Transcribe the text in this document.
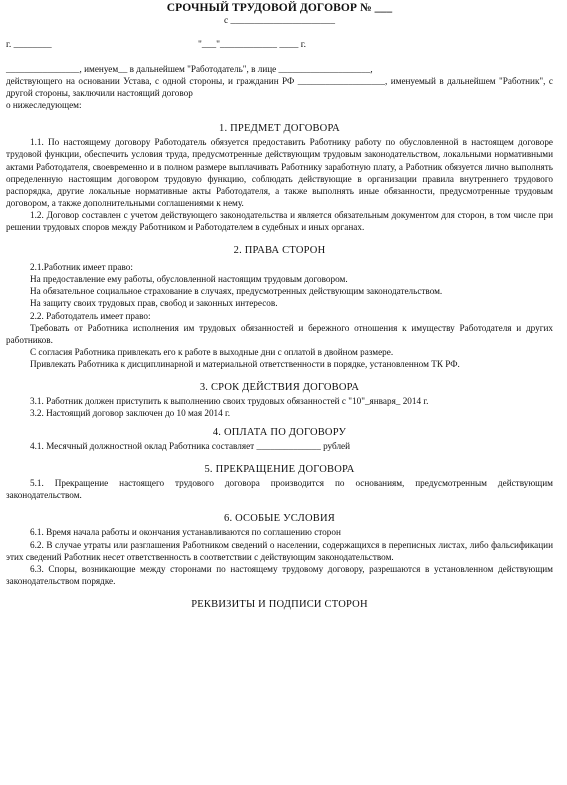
СРОЧНЫЙ ТРУДОВОЙ ДОГОВОР № ___
с ______________________
г. ________	"___"____________ ____ г.

________________, именуем__ в дальнейшем "Работодатель", в лице ____________________,

действующего на основании Устава, с одной стороны, и гражданин РФ ___________________, именуемый в дальнейшем "Работник", с другой стороны, заключили настоящий договор

о нижеследующем:

1. ПРЕДМЕТ ДОГОВОРА

1.1. По настоящему договору Работодатель обязуется предоставить Работнику работу по обусловленной в настоящем договоре трудовой функции, обеспечить условия труда, предусмотренные действующим трудовым законодательством, локальными нормативными актами Работодателя, своевременно и в полном размере выплачивать Работнику заработную плату, а Работник обязуется лично выполнять определенную настоящим договором трудовую функцию, соблюдать действующие в организации правила внутреннего трудового распорядка, другие локальные нормативные акты Работодателя, а также выполнять иные обязанности, предусмотренные трудовым договором, а также дополнительными соглашениями к нему.

1.2. Договор составлен с учетом действующего законодательства и является обязательным документом для сторон, в том числе при решении трудовых споров между Работником и Работодателем в судебных и иных органах.

2. ПРАВА СТОРОН

2.1.Работник имеет право:

На предоставление ему работы, обусловленной настоящим трудовым договором.

На обязательное социальное страхование в случаях, предусмотренных действующим законодательством.

На защиту своих трудовых прав, свобод и законных интересов.

2.2. Работодатель имеет право:

Требовать от Работника исполнения им трудовых обязанностей и бережного отношения к имуществу Работодателя и других работников.

С согласия Работника привлекать его к работе в выходные дни с оплатой в двойном размере.

Привлекать Работника к дисциплинарной и материальной ответственности в порядке, установленном ТК РФ.

3. СРОК ДЕЙСТВИЯ ДОГОВОРА

3.1. Работник должен приступить к выполнению своих трудовых обязанностей с "10"_января_ 2014 г.

3.2. Настоящий договор заключен до 10 мая 2014 г.

4. ОПЛАТА ПО ДОГОВОРУ

4.1. Месячный должностной оклад Работника составляет ______________ рублей

5. ПРЕКРАЩЕНИЕ ДОГОВОРА

5.1. Прекращение настоящего трудового договора производится по основаниям, предусмотренным действующим законодательством.

6. ОСОБЫЕ УСЛОВИЯ

6.1. Время начала работы и окончания устанавливаются по соглашению сторон

6.2. В случае утраты или разглашения Работником сведений о населении, содержащихся в переписных листах, либо фальсификации этих сведений Работник несет ответственность в соответствии с действующим законодательством.

6.3. Споры, возникающие между сторонами по настоящему трудовому договору, разрешаются в установленном действующим законодательством порядке.

РЕКВИЗИТЫ И ПОДПИСИ СТОРОН
